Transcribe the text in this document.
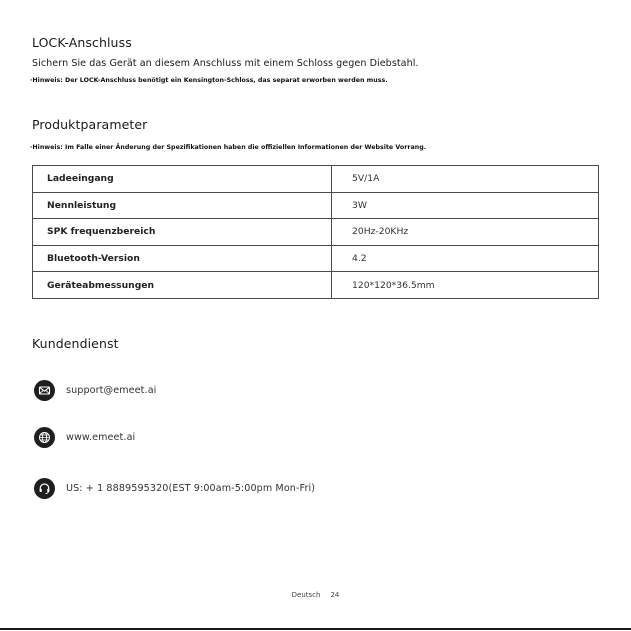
LOCK-Anschluss
Sichern Sie das Gerät an diesem Anschluss mit einem Schloss gegen Diebstahl.
·Hinweis: Der LOCK-Anschluss benötigt ein Kensington-Schloss, das separat erworben werden muss.
Produktparameter
·Hinweis: Im Falle einer Änderung der Spezifikationen haben die offiziellen Informationen der Website Vorrang.
Ladeeingang	5V/1A
Nennleistung	3W
SPK frequenzbereich	20Hz-20KHz
Bluetooth-Version	4.2
Geräteabmessungen	120*120*36.5mm
Kundendienst
support@emeet.ai
www.emeet.ai
US: + 1 8889595320(EST 9:00am-5:00pm Mon-Fri)
Deutsch 24
